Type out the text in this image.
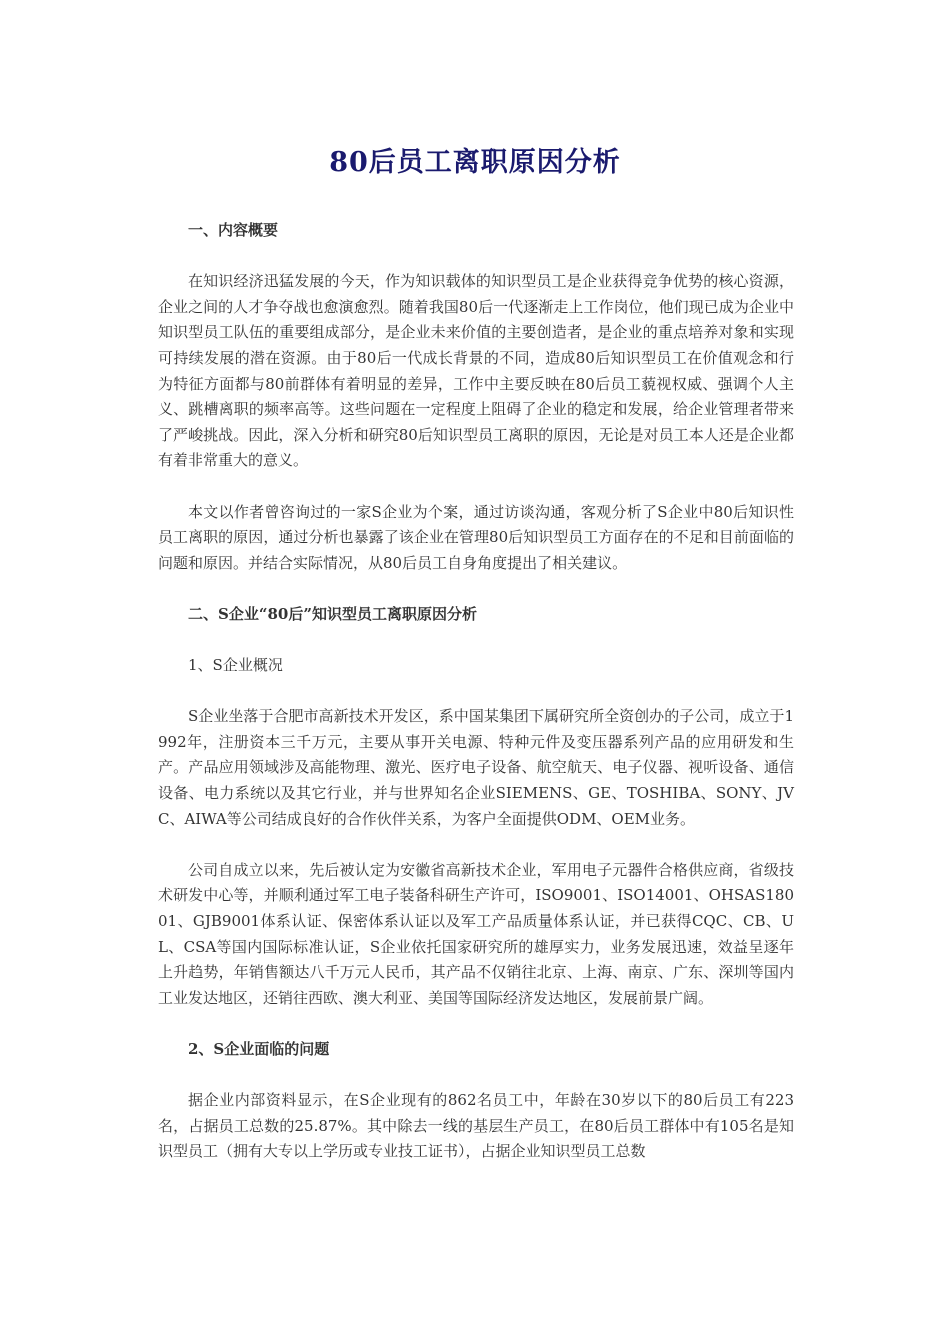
80后员工离职原因分析

一、内容概要

在知识经济迅猛发展的今天，作为知识载体的知识型员工是企业获得竞争优势的核心资源，企业之间的人才争夺战也愈演愈烈。随着我国80后一代逐渐走上工作岗位，他们现已成为企业中知识型员工队伍的重要组成部分，是企业未来价值的主要创造者，是企业的重点培养对象和实现可持续发展的潜在资源。由于80后一代成长背景的不同，造成80后知识型员工在价值观念和行为特征方面都与80前群体有着明显的差异，工作中主要反映在80后员工藐视权威、强调个人主义、跳槽离职的频率高等。这些问题在一定程度上阻碍了企业的稳定和发展，给企业管理者带来了严峻挑战。因此，深入分析和研究80后知识型员工离职的原因，无论是对员工本人还是企业都有着非常重大的意义。

本文以作者曾咨询过的一家S企业为个案，通过访谈沟通，客观分析了S企业中80后知识性员工离职的原因，通过分析也暴露了该企业在管理80后知识型员工方面存在的不足和目前面临的问题和原因。并结合实际情况，从80后员工自身角度提出了相关建议。

二、S企业“80后”知识型员工离职原因分析

1、S企业概况

S企业坐落于合肥市高新技术开发区，系中国某集团下属研究所全资创办的子公司，成立于1992年，注册资本三千万元，主要从事开关电源、特种元件及变压器系列产品的应用研发和生产。产品应用领域涉及高能物理、激光、医疗电子设备、航空航天、电子仪器、视听设备、通信设备、电力系统以及其它行业，并与世界知名企业SIEMENS、GE、TOSHIBA、SONY、JVC、AIWA等公司结成良好的合作伙伴关系，为客户全面提供ODM、OEM业务。

公司自成立以来，先后被认定为安徽省高新技术企业，军用电子元器件合格供应商，省级技术研发中心等，并顺利通过军工电子装备科研生产许可，ISO9001、ISO14001、OHSAS18001、GJB9001体系认证、保密体系认证以及军工产品质量体系认证，并已获得CQC、CB、UL、CSA等国内国际标准认证，S企业依托国家研究所的雄厚实力，业务发展迅速，效益呈逐年上升趋势，年销售额达八千万元人民币，其产品不仅销往北京、上海、南京、广东、深圳等国内工业发达地区，还销往西欧、澳大利亚、美国等国际经济发达地区，发展前景广阔。

2、S企业面临的问题

据企业内部资料显示，在S企业现有的862名员工中，年龄在30岁以下的80后员工有223名，占据员工总数的25.87%。其中除去一线的基层生产员工，在80后员工群体中有105名是知识型员工（拥有大专以上学历或专业技工证书），占据企业知识型员工总数
